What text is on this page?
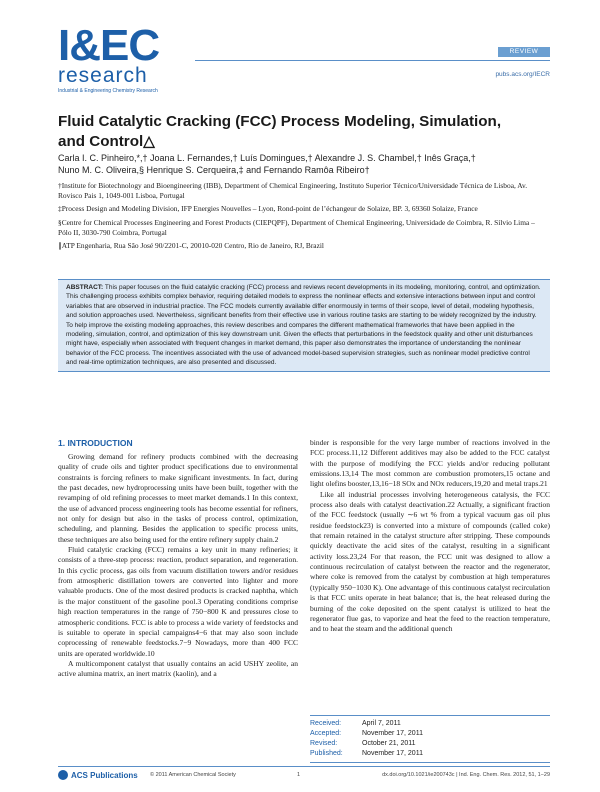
I&EC
research
Industrial & Engineering Chemistry Research
REVIEW
pubs.acs.org/IECR
Fluid Catalytic Cracking (FCC) Process Modeling, Simulation,
and Control△
Carla I. C. Pinheiro,*,† Joana L. Fernandes,† Luís Domingues,† Alexandre J. S. Chambel,† Inês Graça,†
Nuno M. C. Oliveira,§ Henrique S. Cerqueira,‡ and Fernando Ramôa Ribeiro†

†Institute for Biotechnology and Bioengineering (IBB), Department of Chemical Engineering, Instituto Superior Técnico/Universidade Técnica de Lisboa, Av. Rovisco Pais 1, 1049-001 Lisboa, Portugal

‡Process Design and Modeling Division, IFP Energies Nouvelles – Lyon, Rond-point de l’échangeur de Solaize, BP. 3, 69360 Solaize, France

§Centre for Chemical Processes Engineering and Forest Products (CIEPQPF), Department of Chemical Engineering, Universidade de Coimbra, R. Sílvio Lima – Pólo II, 3030-790 Coimbra, Portugal

∥ATP Engenharia, Rua São José 90/2201-C, 20010-020 Centro, Rio de Janeiro, RJ, Brazil

ABSTRACT: This paper focuses on the fluid catalytic cracking (FCC) process and reviews recent developments in its modeling, monitoring, control, and optimization. This challenging process exhibits complex behavior, requiring detailed models to express the nonlinear effects and extensive interactions between input and control variables that are observed in industrial practice. The FCC models currently available differ enormously in terms of their scope, level of detail, modeling hypothesis, and solution approaches used. Nevertheless, significant benefits from their effective use in various routine tasks are starting to be widely recognized by the industry. To help improve the existing modeling approaches, this review describes and compares the different mathematical frameworks that have been applied in the modeling, simulation, control, and optimization of this key downstream unit. Given the effects that perturbations in the feedstock quality and other unit disturbances might have, especially when associated with frequent changes in market demand, this paper also demonstrates the importance of understanding the nonlinear behavior of the FCC process. The incentives associated with the use of advanced model-based supervision strategies, such as nonlinear model predictive control and real-time optimization techniques, are also presented and discussed.
1. INTRODUCTION

Growing demand for refinery products combined with the decreasing quality of crude oils and tighter product specifications due to environmental constraints is forcing refiners to make significant investments. In fact, during the past decades, new hydroprocessing units have been built, together with the revamping of old refining processes to meet market demands.1 In this context, the use of advanced process engineering tools has become essential for refiners, not only for design but also in the tasks of process control, optimization, scheduling, and planning. Besides the application to specific process units, these techniques are also being used for the entire refinery supply chain.2

Fluid catalytic cracking (FCC) remains a key unit in many refineries; it consists of a three-step process: reaction, product separation, and regeneration. In this cyclic process, gas oils from vacuum distillation towers and/or residues from atmospheric distillation towers are converted into lighter and more valuable products. One of the most desired products is cracked naphtha, which is the major constituent of the gasoline pool.3 Operating conditions comprise high reaction temperatures in the range of 750−800 K and pressures close to atmospheric conditions. FCC is able to process a wide variety of feedstocks and is suitable to operate in special campaigns4−6 that may also soon include coprocessing of renewable feedstocks.7−9 Nowadays, more than 400 FCC units are operated worldwide.10

A multicomponent catalyst that usually contains an acid USHY zeolite, an active alumina matrix, an inert matrix (kaolin), and a

binder is responsible for the very large number of reactions involved in the FCC process.11,12 Different additives may also be added to the FCC catalyst with the purpose of modifying the FCC yields and/or reducing pollutant emissions.13,14 The most common are combustion promoters,15 octane and light olefins booster,13,16−18 SOx and NOx reducers,19,20 and metal traps.21

Like all industrial processes involving heterogeneous catalysis, the FCC process also deals with catalyst deactivation.22 Actually, a significant fraction of the FCC feedstock (usually ∼6 wt % from a typical vacuum gas oil plus residue feedstock23) is converted into a mixture of compounds (called coke) that remain retained in the catalyst structure after stripping. These compounds quickly deactivate the acid sites of the catalyst, resulting in a significant activity loss.23,24 For that reason, the FCC unit was designed to allow a continuous recirculation of catalyst between the reactor and the regenerator, where coke is removed from the catalyst by combustion at high temperatures (typically 950−1030 K). One advantage of this continuous catalyst recirculation is that FCC units operate in heat balance; that is, the heat released during the burning of the coke deposited on the spent catalyst is utilized to heat the regenerator flue gas, to vaporize and heat the feed to the reaction temperature, and to heat the steam and the additional quench

Received:	April 7, 2011
Accepted:	November 17, 2011
Revised:	October 21, 2011
Published:	November 17, 2011
ACS Publications © 2011 American Chemical Society	1	dx.doi.org/10.1021/ie200743c | Ind. Eng. Chem. Res. 2012, 51, 1−29
